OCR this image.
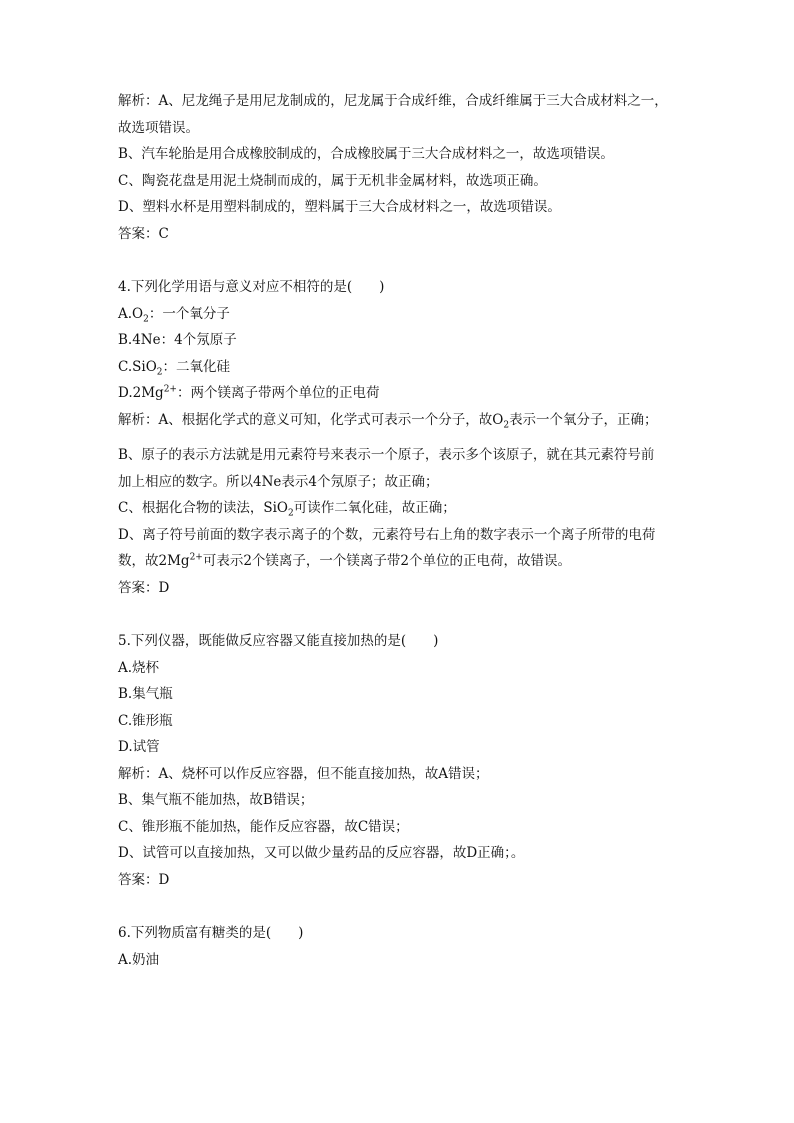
解析：A、尼龙绳子是用尼龙制成的，尼龙属于合成纤维，合成纤维属于三大合成材料之一，
故选项错误。
B、汽车轮胎是用合成橡胶制成的，合成橡胶属于三大合成材料之一，故选项错误。
C、陶瓷花盘是用泥土烧制而成的，属于无机非金属材料，故选项正确。
D、塑料水杯是用塑料制成的，塑料属于三大合成材料之一，故选项错误。
答案：C
4.下列化学用语与意义对应不相符的是(　　)
$A.O_2$：一个氧分子
B.4Ne：4个氖原子
C.SiO$_2$：二氧化硅
$D.2Mg^{2+}$：两个镁离子带两个单位的正电荷
解析：A、根据化学式的意义可知，化学式可表示一个分子，故$O_2$表示一个氧分子，正确；
B、原子的表示方法就是用元素符号来表示一个原子，表示多个该原子，就在其元素符号前
加上相应的数字。所以4Ne表示4个氖原子；故正确；
C、根据化合物的读法，SiO$_2$可读作二氧化硅，故正确；
D、离子符号前面的数字表示离子的个数，元素符号右上角的数字表示一个离子所带的电荷
数，故$2Mg^{2+}$可表示2个镁离子，一个镁离子带2个单位的正电荷，故错误。
答案：D
5.下列仪器，既能做反应容器又能直接加热的是(　　)
A.烧杯
B.集气瓶
C.锥形瓶
D.试管
解析：A、烧杯可以作反应容器，但不能直接加热，故A错误；
B、集气瓶不能加热，故B错误；
C、锥形瓶不能加热，能作反应容器，故C错误；
D、试管可以直接加热，又可以做少量药品的反应容器，故D正确；。
答案：D
6.下列物质富有糖类的是(　　)
A.奶油
